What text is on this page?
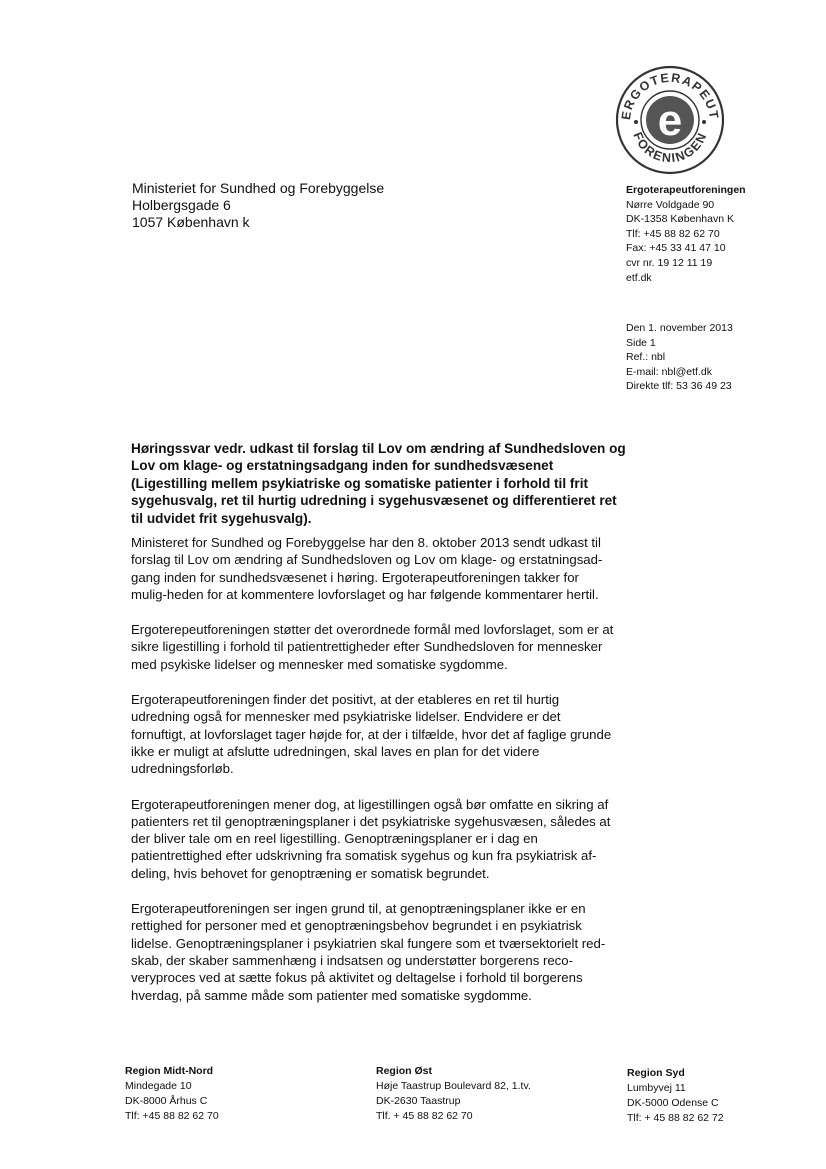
ERGOTERAPEUT
FORENINGEN
e
Ministeriet for Sundhed og Forebyggelse
Holbergsgade 6
1057 København k
Ergoterapeutforeningen
Nørre Voldgade 90
DK-1358 København K
Tlf: +45 88 82 62 70
Fax: +45 33 41 47 10
cvr nr. 19 12 11 19
etf.dk
Den 1. november 2013
Side 1
Ref.: nbl
E-mail: nbl@etf.dk
Direkte tlf: 53 36 49 23
Høringssvar vedr. udkast til forslag til Lov om ændring af Sundhedsloven og Lov om klage- og erstatningsadgang inden for sundhedsvæsenet (Ligestilling mellem psykiatriske og somatiske patienter i forhold til frit sygehusvalg, ret til hurtig udredning i sygehusvæsenet og differentieret ret til udvidet frit sygehusvalg).

Ministeret for Sundhed og Forebyggelse har den 8. oktober 2013 sendt udkast til forslag til Lov om ændring af Sundhedsloven og Lov om klage- og erstatningsad-gang inden for sundhedsvæsenet i høring. Ergoterapeutforeningen takker for mulig-heden for at kommentere lovforslaget og har følgende kommentarer hertil.

Ergoterepeutforeningen støtter det overordnede formål med lovforslaget, som er at sikre ligestilling i forhold til patientrettigheder efter Sundhedsloven for mennesker med psykiske lidelser og mennesker med somatiske sygdomme.

Ergoterapeutforeningen finder det positivt, at der etableres en ret til hurtig udredning også for mennesker med psykiatriske lidelser. Endvidere er det fornuftigt, at lovforslaget tager højde for, at der i tilfælde, hvor det af faglige grunde ikke er muligt at afslutte udredningen, skal laves en plan for det videre udredningsforløb.

Ergoterapeutforeningen mener dog, at ligestillingen også bør omfatte en sikring af patienters ret til genoptræningsplaner i det psykiatriske sygehusvæsen, således at der bliver tale om en reel ligestilling. Genoptræningsplaner er i dag en patientrettighed efter udskrivning fra somatisk sygehus og kun fra psykiatrisk af-deling, hvis behovet for genoptræning er somatisk begrundet.

Ergoterapeutforeningen ser ingen grund til, at genoptræningsplaner ikke er en rettighed for personer med et genoptræningsbehov begrundet i en psykiatrisk lidelse. Genoptræningsplaner i psykiatrien skal fungere som et tværsektorielt red-skab, der skaber sammenhæng i indsatsen og understøtter borgerens reco-veryproces ved at sætte fokus på aktivitet og deltagelse i forhold til borgerens hverdag, på samme måde som patienter med somatiske sygdomme.

Region Midt-Nord
Mindegade 10
DK-8000 Århus C
Tlf: +45 88 82 62 70
Region Øst
Høje Taastrup Boulevard 82, 1.tv.
DK-2630 Taastrup
Tlf. + 45 88 82 62 70
Region Syd
Lumbyvej 11
DK-5000 Odense C
Tlf: + 45 88 82 62 72
